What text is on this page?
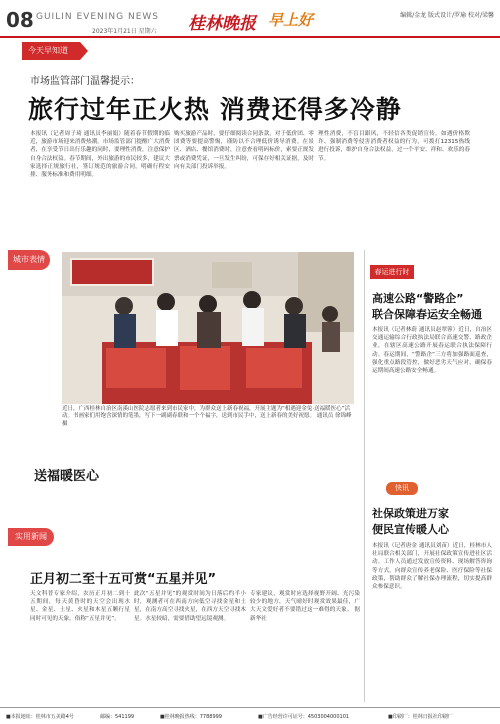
08 GUILIN EVENING NEWS
2023年1月21日 星期六 桂林晚报 早上好	编辑/金龙 版式设计/罗瑜 校对/梁馨
今天早知道
市场监管部门温馨提示：
旅行过年正火热 消费还得多冷静
本报讯（记者周子琦 通讯员李丽娟）随着春节假期的临近，旅游市场迎来消费热潮。市场监管部门提醒广大消费者，在享受节日出行乐趣的同时，要理性消费，注意保护自身合法权益。春节期间，外出旅游的市民较多，建议大家选择正规旅行社，签订规范的旅游合同，明确行程安排、服务标准和费用明细。
购买旅游产品时，要仔细阅读合同条款，对于低价团、零团费等要提高警惕，谨防以不合理低价诱导消费。在景区、酒店、餐馆消费时，注意查看明码标价，索要正规发票或消费凭证，一旦发生纠纷，可保存好相关证据，及时向有关部门投诉举报。
理性消费，不盲目跟风，不轻信各类促销宣传。如遇价格欺诈、强制消费等侵害消费者权益的行为，可拨打12315热线进行投诉，维护自身合法权益，过一个平安、祥和、欢乐的春节。
城市表情
近日，广西桂林自治区南溪山医院志愿者来到市民家中，为群众送上新春祝福，开展主题为“相遇迎金兔·送福暖医心”活动。书画家们用饱含深情的笔墨，写下一副副春联和一个个福字，送到市民手中，送上新春的美好祝愿。 通讯员 徐锦峰 摄
送福暖医心
春运进行时
高速公路“警路企”
联合保障春运安全畅通
本报讯（记者林蔚 通讯员赵翠蓉）近日，自治区交通运输综合行政执法局联合高速交警、路政企业，在辖区高速公路开展春运联合执法保障行动。春运期间，“警路企”三方将加强路面巡查，强化重点路段管控，做好恶劣天气应对，确保春运期间高速公路安全畅通。
快讯
社保政策进万家
便民宣传暖人心
本报讯（记者唐金 通讯员刘苗）近日，桂林市人社局联合相关部门，开展社保政策宣传进社区活动。工作人员通过发放宣传资料、现场解答咨询等方式，向群众宣传养老保险、医疗保险等社保政策，帮助群众了解社保办理流程，切实提高群众参保意识。
实用新闻
正月初二至十五可赏“五星并见”
天文科普专家介绍，农历正月初二到十五期间，每天黄昏时的天空会出现水星、金星、土星、火星和木星五颗行星同时可见的天象，俗称“五星并见”。
此次“五星并见”的观赏时间为日落后约半小时，观测者可在西南方向低空寻找金星和土星，在南方高空寻找火星，在西方天空寻找木星。水星较暗，需要借助望远镜观测。
专家建议，观赏时应选择视野开阔、光污染较少的地方，天气晴好时观赏效果最佳，广大天文爱好者不要错过这一难得的天象。 据新华社
■本报地址：桂林市五美路4号	邮编：541199	■桂林晚报热线：7788999	■广告经营许可证号：4503004000101	■印刷厂：桂林日报社印刷厂
